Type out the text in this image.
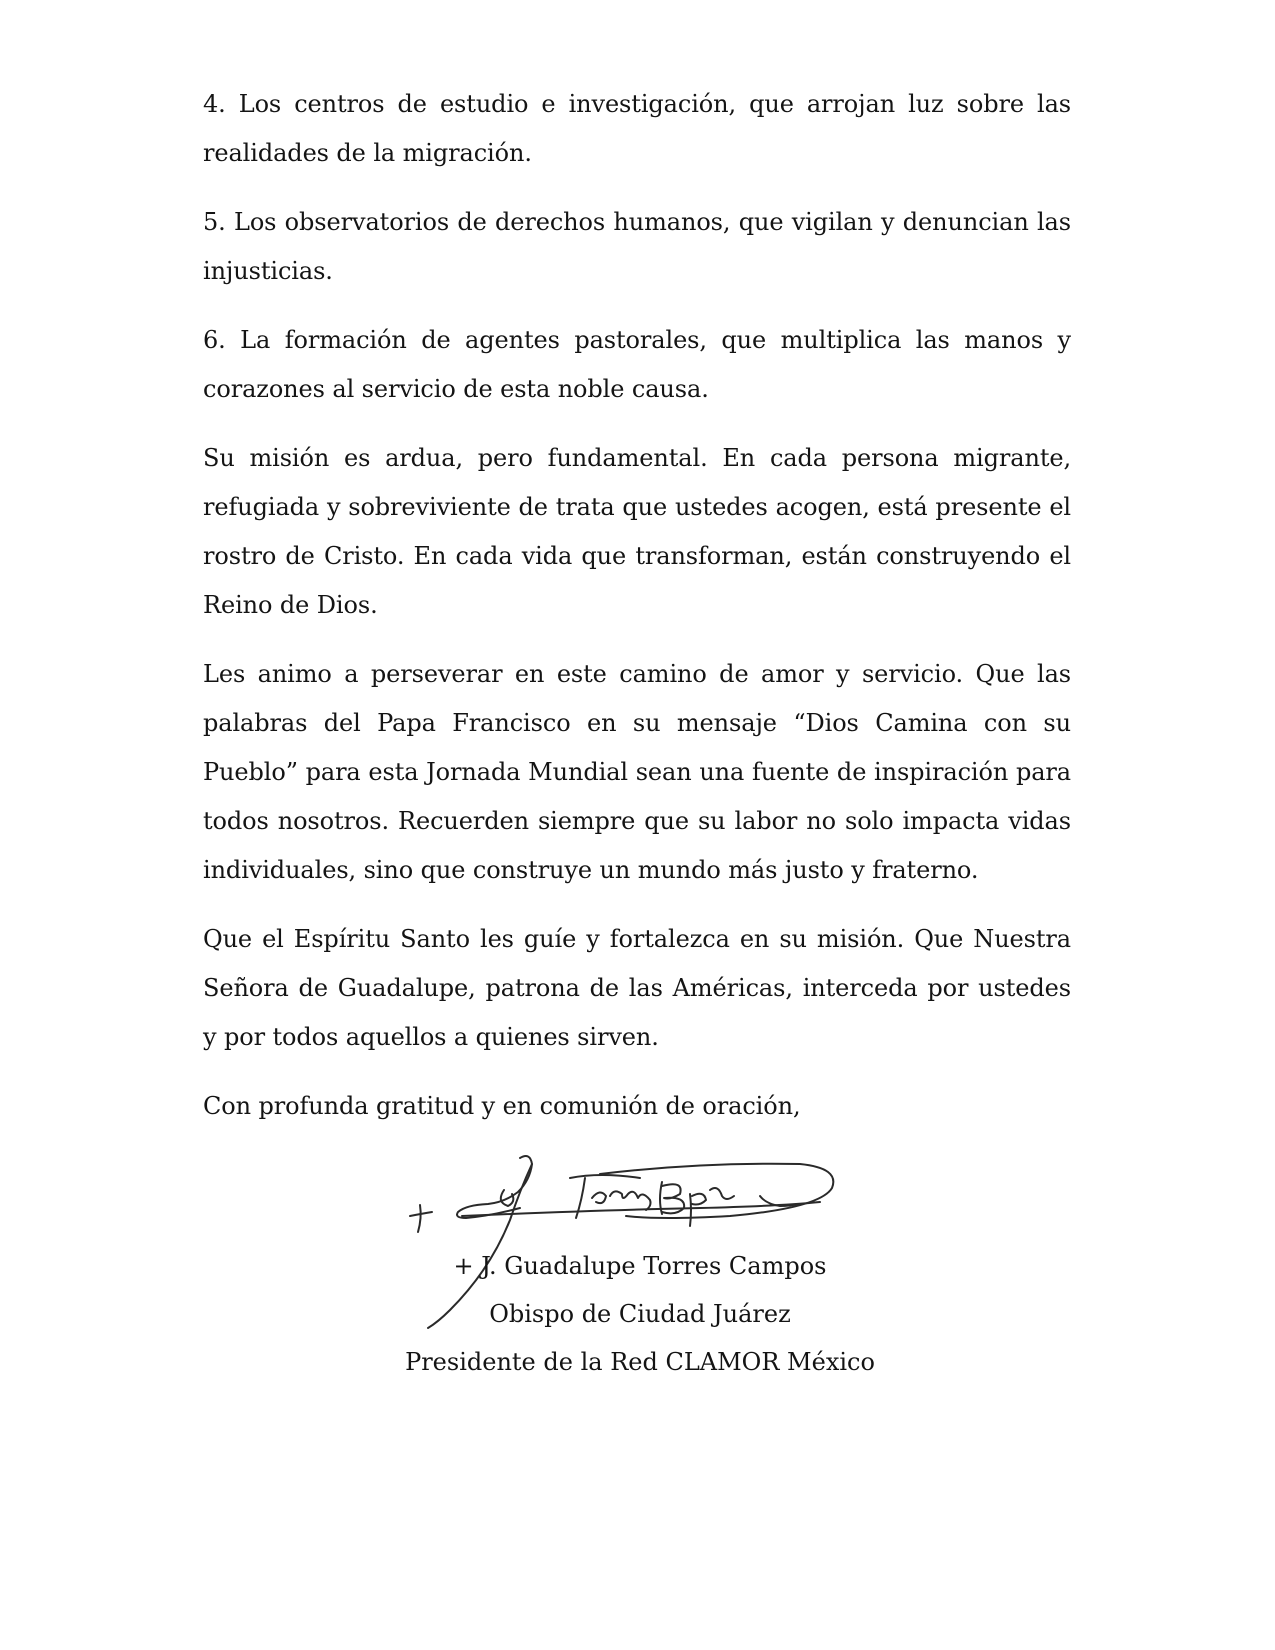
4. Los centros de estudio e investigación, que arrojan luz sobre las realidades de la migración.

5. Los observatorios de derechos humanos, que vigilan y denuncian las injusticias.

6. La formación de agentes pastorales, que multiplica las manos y corazones al servicio de esta noble causa.

Su misión es ardua, pero fundamental. En cada persona migrante, refugiada y sobreviviente de trata que ustedes acogen, está presente el rostro de Cristo. En cada vida que transforman, están construyendo el Reino de Dios.

Les animo a perseverar en este camino de amor y servicio. Que las palabras del Papa Francisco en su mensaje “Dios Camina con su Pueblo” para esta Jornada Mundial sean una fuente de inspiración para todos nosotros. Recuerden siempre que su labor no solo impacta vidas individuales, sino que construye un mundo más justo y fraterno.

Que el Espíritu Santo les guíe y fortalezca en su misión. Que Nuestra Señora de Guadalupe, patrona de las Américas, interceda por ustedes y por todos aquellos a quienes sirven.

Con profunda gratitud y en comunión de oración,

+ J. Guadalupe Torres Campos
Obispo de Ciudad Juárez
Presidente de la Red CLAMOR México
